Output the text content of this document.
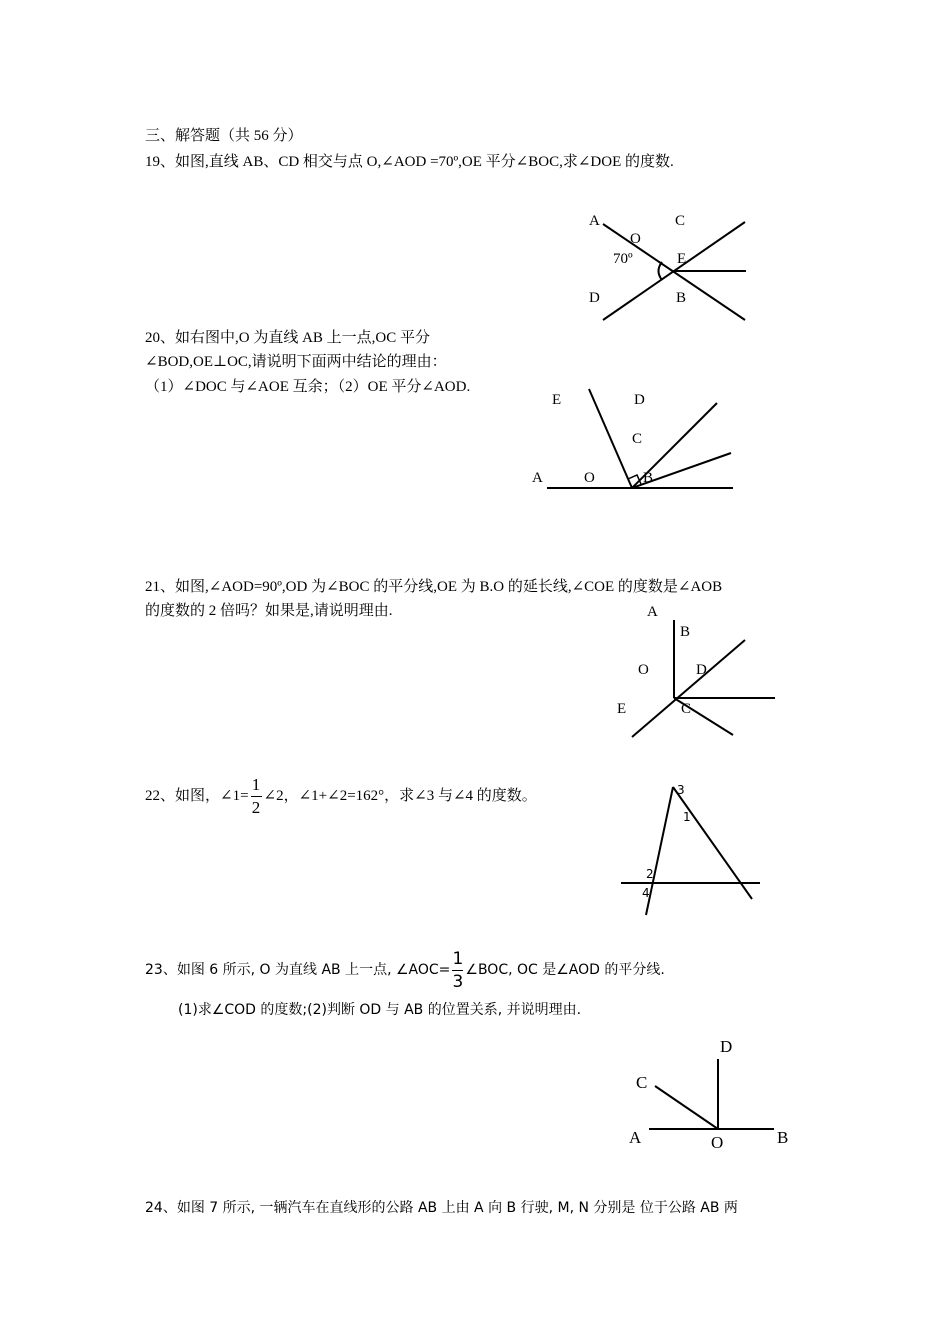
三、解答题（共 56 分）
19、如图,直线 AB、CD 相交与点 O,∠AOD =70º,OE 平分∠BOC,求∠DOE 的度数.
A	C
O
70º	E
D	B
20、如右图中,O 为直线 AB 上一点,OC 平分
∠BOD,OE⊥OC,请说明下面两中结论的理由：
（1）∠DOC 与∠AOE 互余；（2）OE 平分∠AOD.
E	D
C
A	O	B
21、如图,∠AOD=90º,OD 为∠BOC 的平分线,OE 为 B.O 的延长线,∠COE 的度数是∠AOB
的度数的 2 倍吗？如果是,请说明理由.	A
B
O	D
E	C
22、如图，∠1= $\frac{1}{2}$ ∠2，∠1+∠2=162°，求∠3 与∠4 的度数。	3
1
2
4
23、如图 6 所示, O 为直线 AB 上一点, ∠AOC= $\frac{1}{3}$ ∠BOC, OC 是∠AOD 的平分线.
(1)求∠COD 的度数;(2)判断 OD 与 AB 的位置关系, 并说明理由.
D
C
A	O	B
24、如图 7 所示, 一辆汽车在直线形的公路 AB 上由 A 向 B 行驶, M, N 分别是 位于公路 AB 两
